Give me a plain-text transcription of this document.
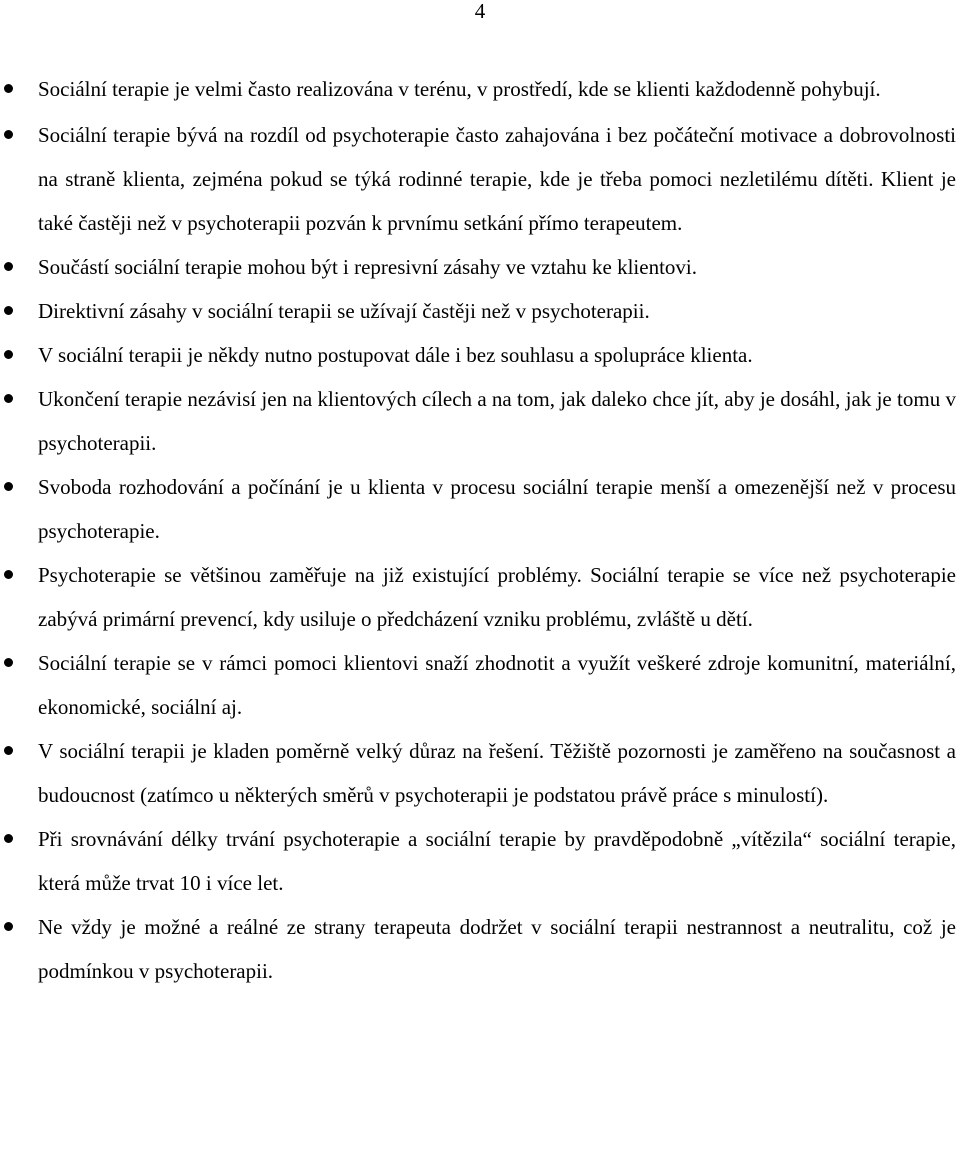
4
Sociální terapie je velmi často realizována v terénu, v prostředí, kde se klienti každodenně pohybují.
Sociální terapie bývá na rozdíl od psychoterapie často zahajována i bez počáteční motivace a dobrovolnosti na straně klienta, zejména pokud se týká rodinné terapie, kde je třeba pomoci nezletilému dítěti. Klient je také častěji než v psychoterapii pozván k prvnímu setkání přímo terapeutem.
Součástí sociální terapie mohou být i represivní zásahy ve vztahu ke klientovi.
Direktivní zásahy v sociální terapii se užívají častěji než v psychoterapii.
V sociální terapii je někdy nutno postupovat dále i bez souhlasu a spolupráce klienta.
Ukončení terapie nezávisí jen na klientových cílech a na tom, jak daleko chce jít, aby je dosáhl, jak je tomu v psychoterapii.
Svoboda rozhodování a počínání je u klienta v procesu sociální terapie menší a omezenější než v procesu psychoterapie.
Psychoterapie se většinou zaměřuje na již existující problémy. Sociální terapie se více než psychoterapie zabývá primární prevencí, kdy usiluje o předcházení vzniku problému, zvláště u dětí.
Sociální terapie se v rámci pomoci klientovi snaží zhodnotit a využít veškeré zdroje komunitní, materiální, ekonomické, sociální aj.
V sociální terapii je kladen poměrně velký důraz na řešení. Těžiště pozornosti je zaměřeno na současnost a budoucnost (zatímco u některých směrů v psychoterapii je podstatou právě práce s minulostí).
Při srovnávání délky trvání psychoterapie a sociální terapie by pravděpodobně „vítězila“ sociální terapie, která může trvat 10 i více let.
Ne vždy je možné a reálné ze strany terapeuta dodržet v sociální terapii nestrannost a neutralitu, což je podmínkou v psychoterapii.
